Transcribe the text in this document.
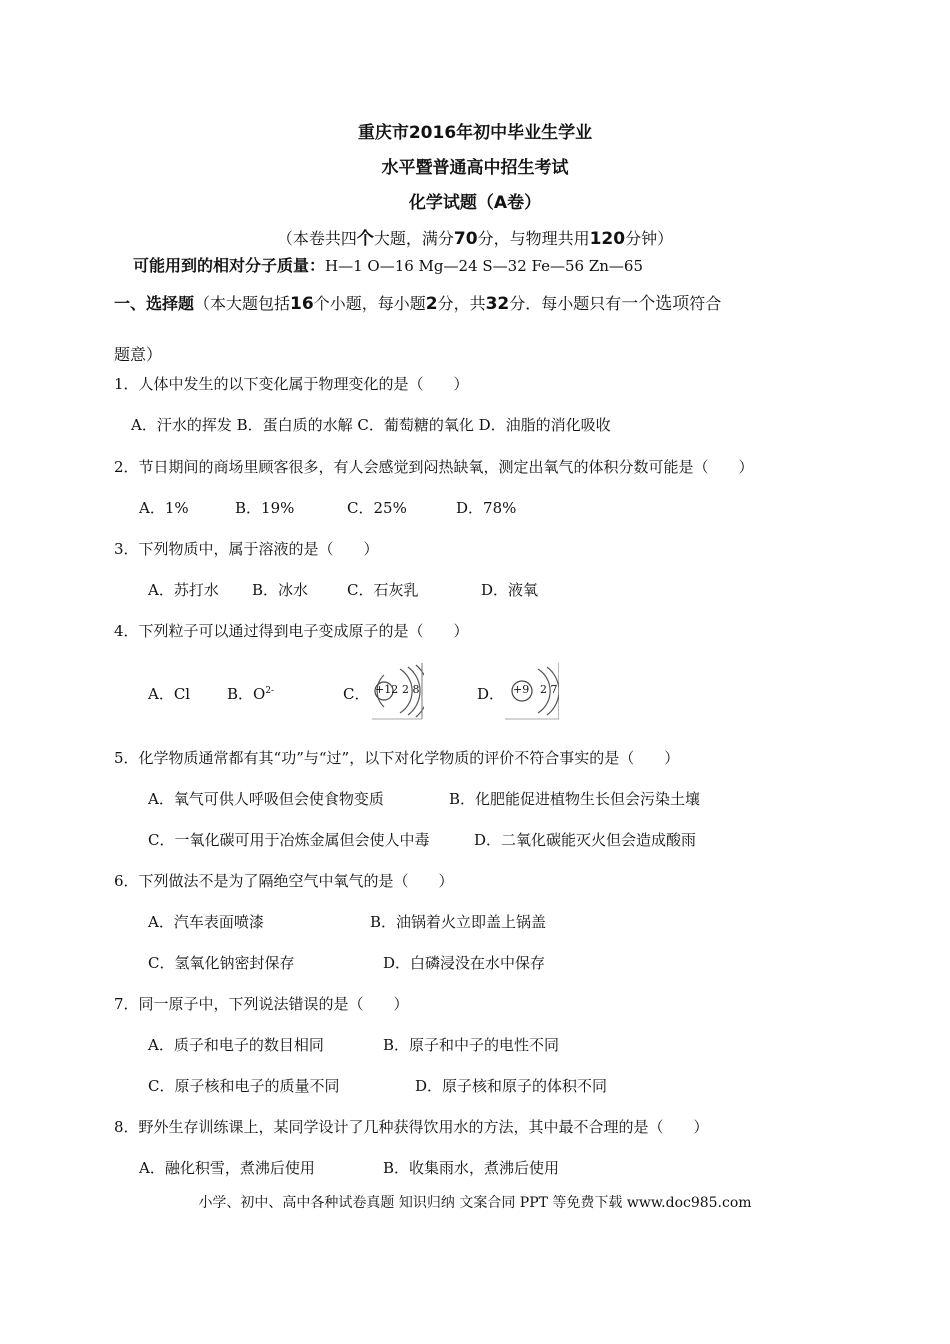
重庆市2016年初中毕业生学业
水平暨普通高中招生考试
化学试题（A卷）
（本卷共四个大题，满分70分，与物理共用120分钟）
可能用到的相对分子质量：H—1 O—16 Mg—24 S—32 Fe—56 Zn—65
一、选择题（本大题包括16个小题，每小题2分，共32分．每小题只有一个选项符合
题意）
1．人体中发生的以下变化属于物理变化的是（　　）
A．汗水的挥发 B．蛋白质的水解 C．葡萄糖的氧化 D．油脂的消化吸收
2．节日期间的商场里顾客很多，有人会感觉到闷热缺氧，测定出氧气的体积分数可能是（　　）
A．1%	B．19%	C．25%	D．78%
3．下列物质中，属于溶液的是（　　）
A．苏打水 B．冰水	C．石灰乳	D．液氧
4．下列粒子可以通过得到电子变成原子的是（　　）
A．Cl B．$O^{2-}$	C． +12 2 8	D． +9 2 7
5．化学物质通常都有其“功”与“过”，以下对化学物质的评价不符合事实的是（　　）
A．氧气可供人呼吸但会使食物变质	B．化肥能促进植物生长但会污染土壤
C．一氧化碳可用于冶炼金属但会使人中毒	D．二氧化碳能灭火但会造成酸雨
6．下列做法不是为了隔绝空气中氧气的是（　　）
A．汽车表面喷漆	B．油锅着火立即盖上锅盖
C．氢氧化钠密封保存	D．白磷浸没在水中保存
7．同一原子中，下列说法错误的是（　　）
A．质子和电子的数目相同	B．原子和中子的电性不同
C．原子核和电子的质量不同	D．原子核和原子的体积不同
8．野外生存训练课上，某同学设计了几种获得饮用水的方法，其中最不合理的是（　　）
A．融化积雪，煮沸后使用	B．收集雨水，煮沸后使用
小学、初中、高中各种试卷真题 知识归纳 文案合同 PPT 等免费下载 www.doc985.com
